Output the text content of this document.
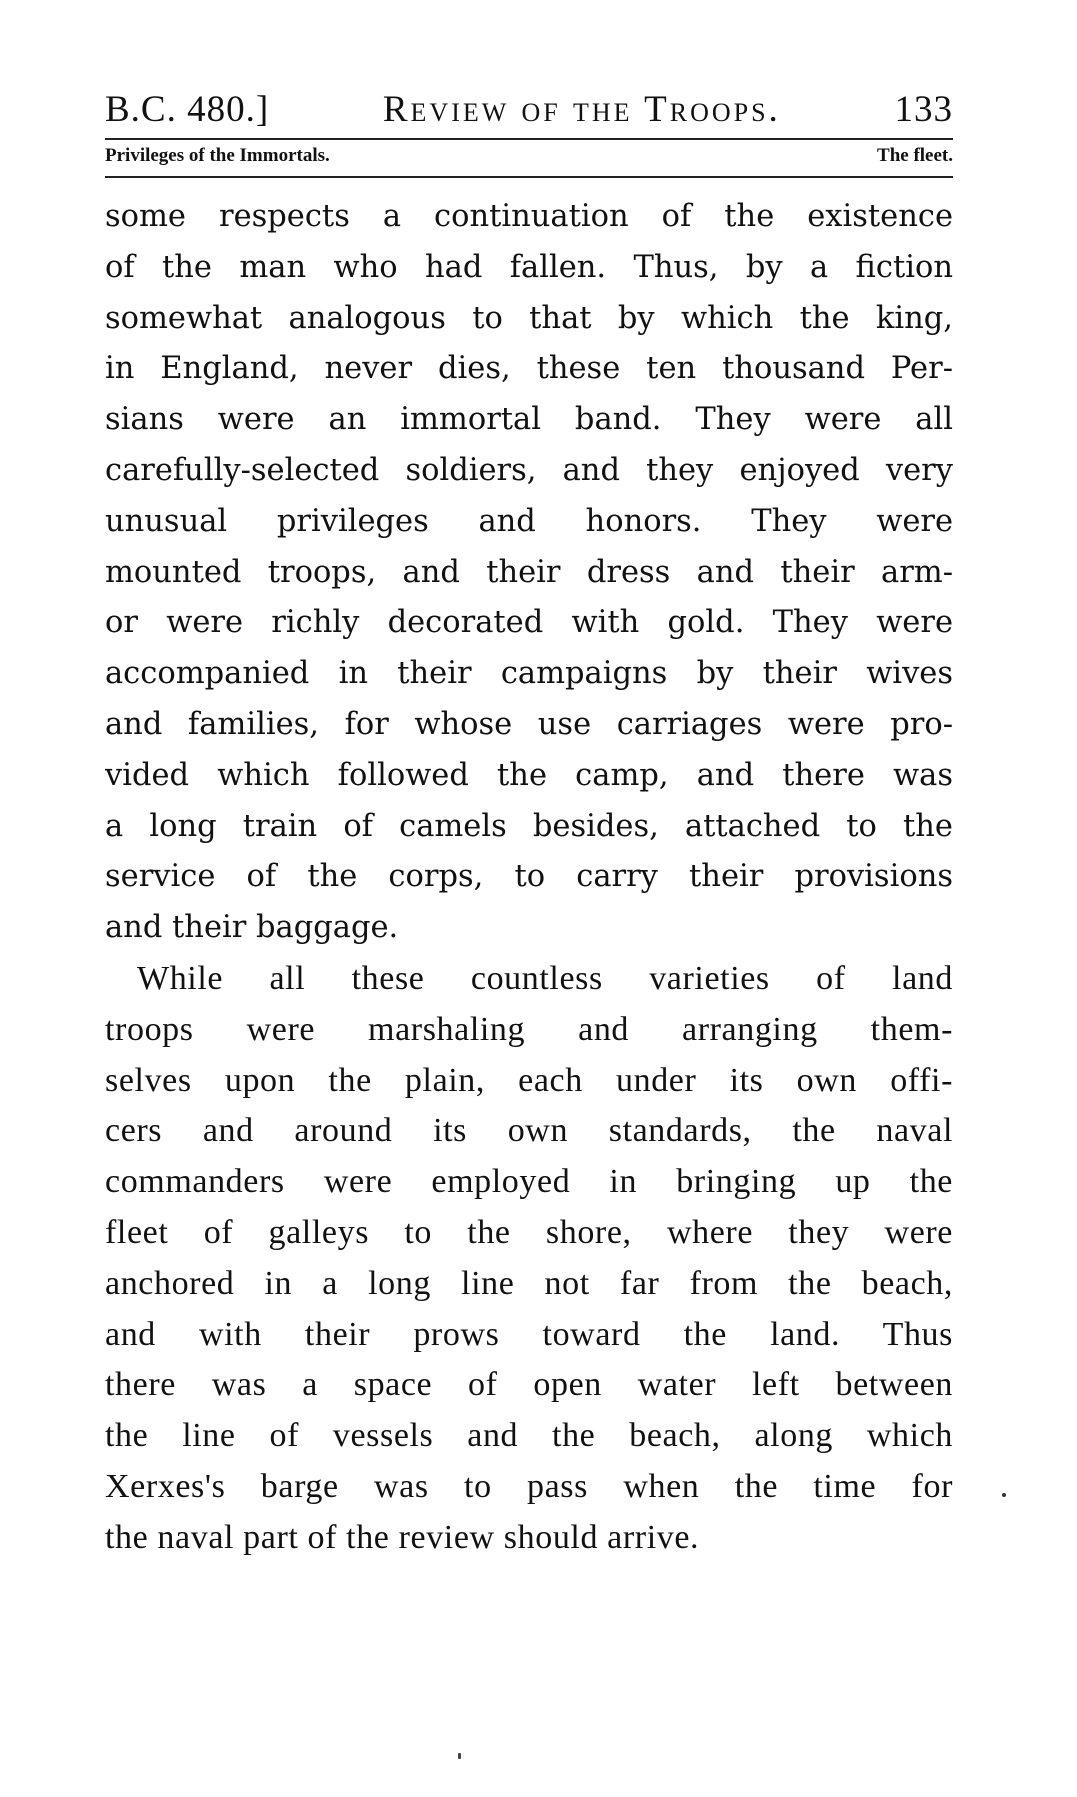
B.C. 480.]	Review of the Troops.	133
Privileges of the Immortals.	The fleet.
some respects a continuation of the existence
of the man who had fallen. Thus, by a fiction
somewhat analogous to that by which the king,
in England, never dies, these ten thousand Per-
sians were an immortal band. They were all
carefully-selected soldiers, and they enjoyed very
unusual privileges and honors. They were
mounted troops, and their dress and their arm-
or were richly decorated with gold. They were
accompanied in their campaigns by their wives
and families, for whose use carriages were pro-
vided which followed the camp, and there was
a long train of camels besides, attached to the
service of the corps, to carry their provisions
and their baggage.
While all these countless varieties of land
troops were marshaling and arranging them-
selves upon the plain, each under its own offi-
cers and around its own standards, the naval
commanders were employed in bringing up the
fleet of galleys to the shore, where they were
anchored in a long line not far from the beach,
and with their prows toward the land. Thus
there was a space of open water left between
the line of vessels and the beach, along which
Xerxes's barge was to pass when the time for
the naval part of the review should arrive.
